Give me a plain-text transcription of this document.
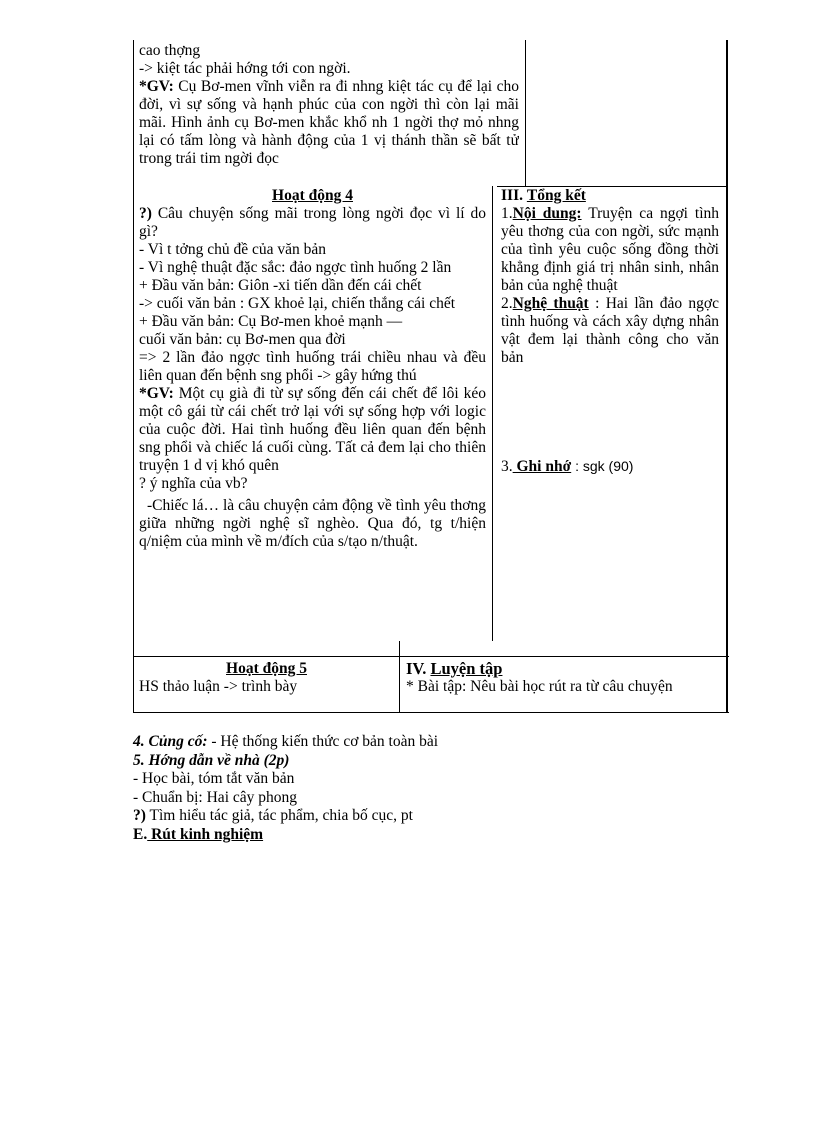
cao thợng

-> kiệt tác phải hớng tới con ngời.

*GV: Cụ Bơ-men vĩnh viễn ra đi nhng kiệt tác cụ để lại cho đời, vì sự sống và hạnh phúc của con ngời thì còn lại mãi mãi. Hình ảnh cụ Bơ-men khắc khổ nh 1 ngời thợ mỏ nhng lại có tấm lòng và hành động của 1 vị thánh thần sẽ bất tử trong trái tim ngời đọc

Hoạt động 4

?) Câu chuyện sống mãi trong lòng ngời đọc vì lí do gì?

- Vì t tởng chủ đề của văn bản

- Vì nghệ thuật đặc sắc: đảo ngợc tình huống 2 lần

+ Đầu văn bản: Giôn -xi tiến dần đến cái chết

-> cuối văn bản : GX khoẻ lại, chiến thắng cái chết

+ Đầu văn bản: Cụ Bơ-men khoẻ mạnh —

cuối văn bản: cụ Bơ-men qua đời

=> 2 lần đảo ngợc tình huống trái chiều nhau và đều liên quan đến bệnh sng phổi -> gây hứng thú

*GV: Một cụ già đi từ sự sống đến cái chết để lôi kéo một cô gái từ cái chết trở lại với sự sống hợp với logic của cuộc đời. Hai tình huống đều liên quan đến bệnh sng phổi và chiếc lá cuối cùng. Tất cả đem lại cho thiên truyện 1 d vị khó quên

? ý nghĩa của vb?

-Chiếc lá… là câu chuyện cảm động về tình yêu thơng giữa những ngời nghệ sĩ nghèo. Qua đó, tg t/hiện q/niệm của mình về m/đích của s/tạo n/thuật.

III. Tổng kết

1.Nội dung: Truyện ca ngợi tình yêu thơng của con ngời, sức mạnh của tình yêu cuộc sống đồng thời khẳng định giá trị nhân sinh, nhân bản của nghệ thuật

2.Nghệ thuật : Hai lần đảo ngợc tình huống và cách xây dựng nhân vật đem lại thành công cho văn bản

3. Ghi nhớ : sgk (90)

Hoạt động 5

HS thảo luận -> trình bày

IV. Luyện tập

* Bài tập: Nêu bài học rút ra từ câu chuyện

4. Củng cố: - Hệ thống kiến thức cơ bản toàn bài

5. Hớng dẫn về nhà (2p)

- Học bài, tóm tắt văn bản

- Chuẩn bị: Hai cây phong

?) Tìm hiểu tác giả, tác phẩm, chia bố cục, pt

E. Rút kinh nghiệm
